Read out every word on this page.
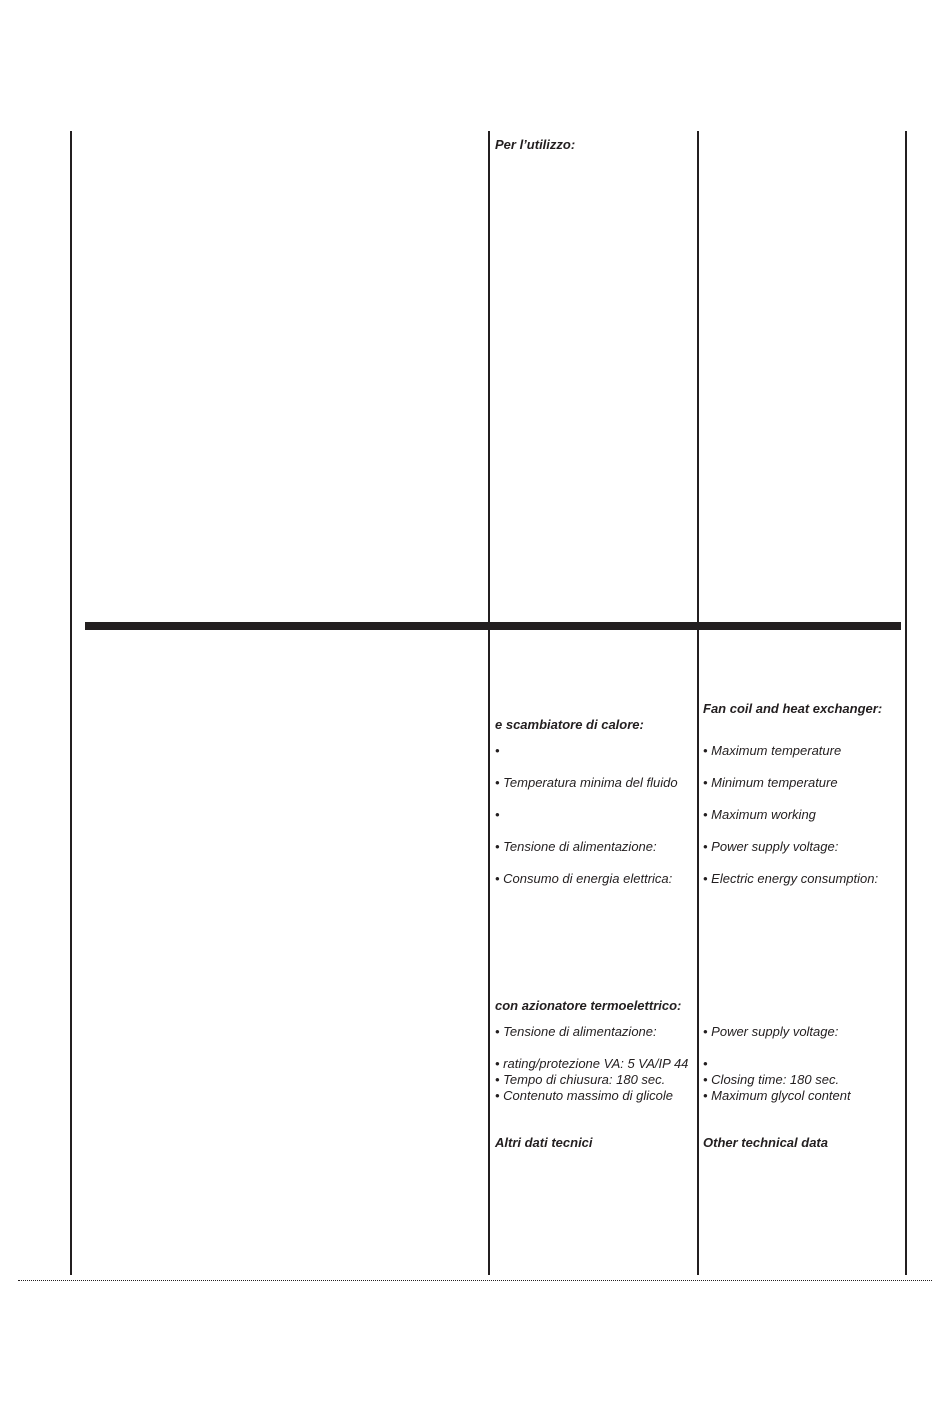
Per l’utilizzo:
e scambiatore di calore:
•
• Temperatura minima del fluido
•
• Tensione di alimentazione:
• Consumo di energia elettrica:
Fan coil and heat exchanger:
• Maximum temperature
• Minimum temperature
• Maximum working
• Power supply voltage:
• Electric energy consumption:
con azionatore termoelettrico:
• Tensione di alimentazione:
• rating/protezione VA: 5 VA/IP 44
• Tempo di chiusura: 180 sec.
• Contenuto massimo di glicole
• Power supply voltage:
•
• Closing time: 180 sec.
• Maximum glycol content
Altri dati tecnici	Other technical data
